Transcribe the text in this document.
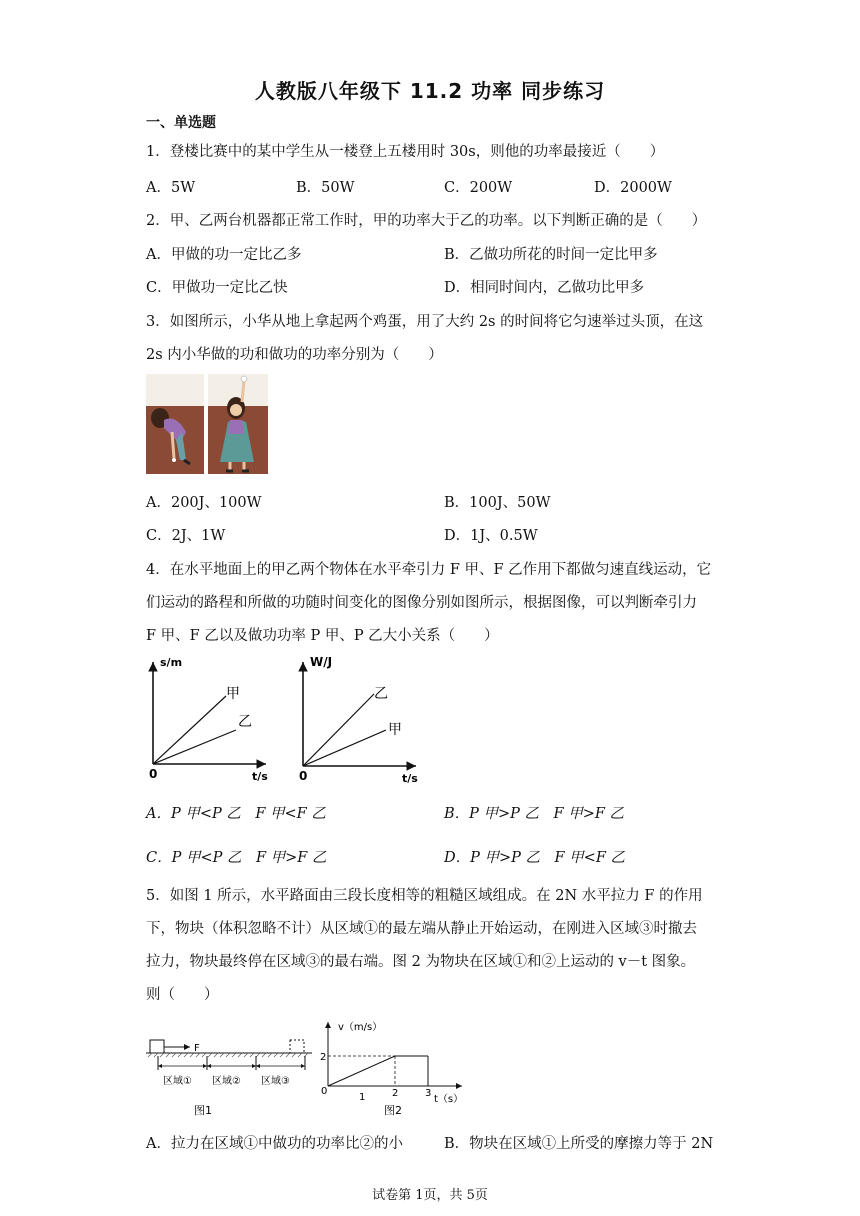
人教版八年级下 11.2 功率 同步练习
一、单选题
1．登楼比赛中的某中学生从一楼登上五楼用时 30s，则他的功率最接近（　　）
A．5W	B．50W	C．200W	D．2000W
2．甲、乙两台机器都正常工作时，甲的功率大于乙的功率。以下判断正确的是（　　）
A．甲做的功一定比乙多	B．乙做功所花的时间一定比甲多
C．甲做功一定比乙快	D．相同时间内，乙做功比甲多
3．如图所示，小华从地上拿起两个鸡蛋，用了大约 2s 的时间将它匀速举过头顶，在这
2s 内小华做的功和做功的功率分别为（　　）
A．200J、100W	B．100J、50W
C．2J、1W	D．1J、0.5W
4．在水平地面上的甲乙两个物体在水平牵引力 F 甲、F 乙作用下都做匀速直线运动，它
们运动的路程和所做的功随时间变化的图像分别如图所示，根据图像，可以判断牵引力
F 甲、F 乙以及做功功率 P 甲、P 乙大小关系（　　）
s/m
t/s
0
甲
乙
W/J
t/s
0
乙
甲
A．P 甲<P 乙　F 甲<F 乙	B．P 甲>P 乙　F 甲>F 乙
C．P 甲<P 乙　F 甲>F 乙	D．P 甲>P 乙　F 甲<F 乙
5．如图 1 所示，水平路面由三段长度相等的粗糙区域组成。在 2N 水平拉力 F 的作用
下，物块（体积忽略不计）从区域①的最左端从静止开始运动，在刚进入区域③时撤去
拉力，物块最终停在区域③的最右端。图 2 为物块在区域①和②上运动的 v－t 图象。
则（　　）
F
区域① 区域② 区域③
图1
v（m/s）
t（s）
0
2
1	2	3
图2
A．拉力在区域①中做功的功率比②的小	B．物块在区域①上所受的摩擦力等于 2N
试卷第 1页，共 5页
